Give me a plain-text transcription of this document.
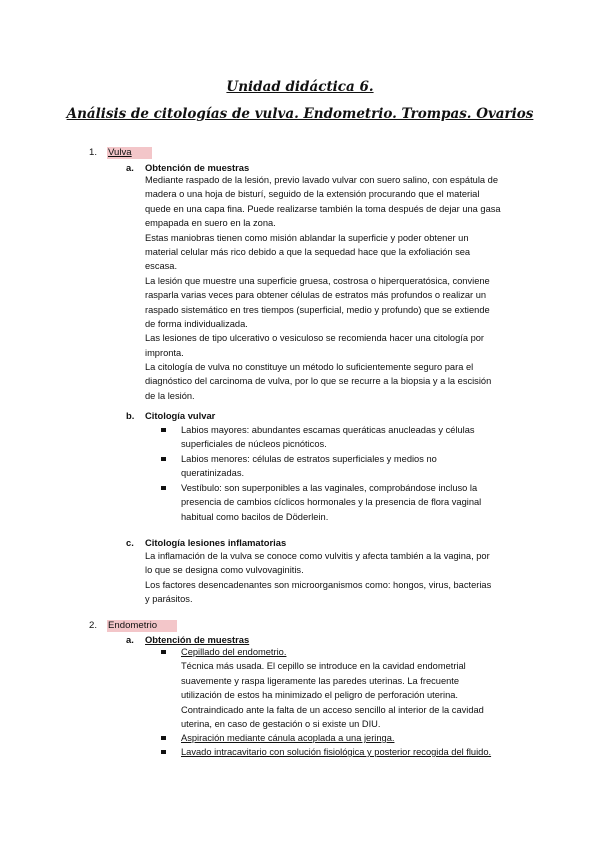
Unidad didáctica 6.
Análisis de citologías de vulva. Endometrio. Trompas. Ovarios
1. Vulva
a. Obtención de muestras
Mediante raspado de la lesión, previo lavado vulvar con suero salino, con espátula de
madera o una hoja de bisturí, seguido de la extensión procurando que el material
quede en una capa fina. Puede realizarse también la toma después de dejar una gasa
empapada en suero en la zona.
Estas maniobras tienen como misión ablandar la superficie y poder obtener un
material celular más rico debido a que la sequedad hace que la exfoliación sea
escasa.
La lesión que muestre una superficie gruesa, costrosa o hiperqueratósica, conviene
rasparla varias veces para obtener células de estratos más profundos o realizar un
raspado sistemático en tres tiempos (superficial, medio y profundo) que se extiende
de forma individualizada.
Las lesiones de tipo ulcerativo o vesiculoso se recomienda hacer una citología por
impronta.
La citología de vulva no constituye un método lo suficientemente seguro para el
diagnóstico del carcinoma de vulva, por lo que se recurre a la biopsia y a la escisión
de la lesión.
b. Citología vulvar
Labios mayores: abundantes escamas queráticas anucleadas y células
superficiales de núcleos picnóticos.
Labios menores: células de estratos superficiales y medios no
queratinizadas.
Vestíbulo: son superponibles a las vaginales, comprobándose incluso la
presencia de cambios cíclicos hormonales y la presencia de flora vaginal
habitual como bacilos de Döderlein.
c. Citología lesiones inflamatorias
La inflamación de la vulva se conoce como vulvitis y afecta también a la vagina, por
lo que se designa como vulvovaginitis.
Los factores desencadenantes son microorganismos como: hongos, virus, bacterias
y parásitos.
2. Endometrio
a. Obtención de muestras
Cepillado del endometrio.
Técnica más usada. El cepillo se introduce en la cavidad endometrial
suavemente y raspa ligeramente las paredes uterinas. La frecuente
utilización de estos ha minimizado el peligro de perforación uterina.
Contraindicado ante la falta de un acceso sencillo al interior de la cavidad
uterina, en caso de gestación o si existe un DIU.
Aspiración mediante cánula acoplada a una jeringa.
Lavado intracavitario con solución fisiológica y posterior recogida del fluido.
